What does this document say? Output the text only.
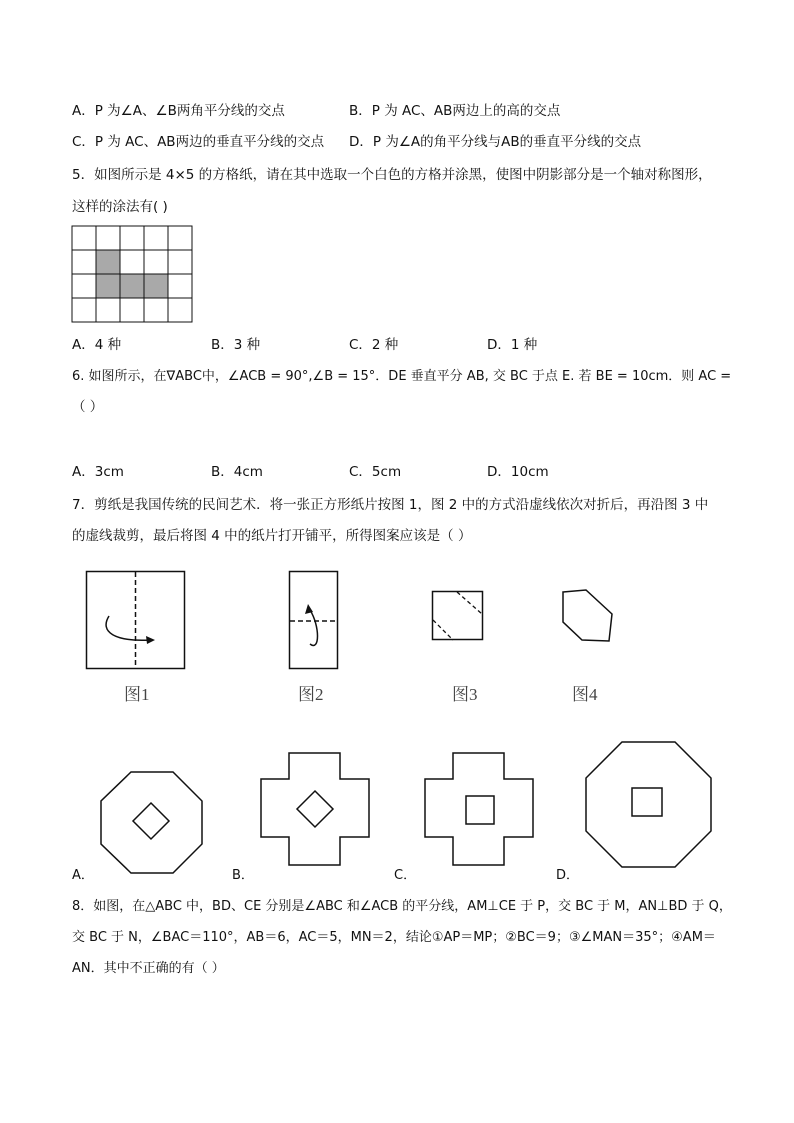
A．P 为∠A、∠B两角平分线的交点	B．P 为 AC、AB两边上的高的交点
C．P 为 AC、AB两边的垂直平分线的交点 D．P 为∠A的角平分线与AB的垂直平分线的交点
5．如图所示是 4×5 的方格纸，请在其中选取一个白色的方格并涂黑，使图中阴影部分是一个轴对称图形，
这样的涂法有( )
A．4 种	B．3 种	C．2 种	D．1 种
6. 如图所示，在∇ABC中，∠ACB = 90°,∠B = 15°．DE 垂直平分 AB, 交 BC 于点 E. 若 BE = 10cm．则 AC =
（ ）
A．3cm	B．4cm	C．5cm	D．10cm
7．剪纸是我国传统的民间艺术．将一张正方形纸片按图 1，图 2 中的方式沿虚线依次对折后，再沿图 3 中
的虚线裁剪，最后将图 4 中的纸片打开铺平，所得图案应该是（ ）
图1	图2	图3	图4
A．	B．	C．	D．
8．如图，在△ABC 中，BD、CE 分别是∠ABC 和∠ACB 的平分线，AM⊥CE 于 P，交 BC 于 M，AN⊥BD 于 Q，
交 BC 于 N，∠BAC＝110°，AB＝6，AC＝5，MN＝2，结论①AP＝MP；②BC＝9；③∠MAN＝35°；④AM＝
AN．其中不正确的有（ ）
